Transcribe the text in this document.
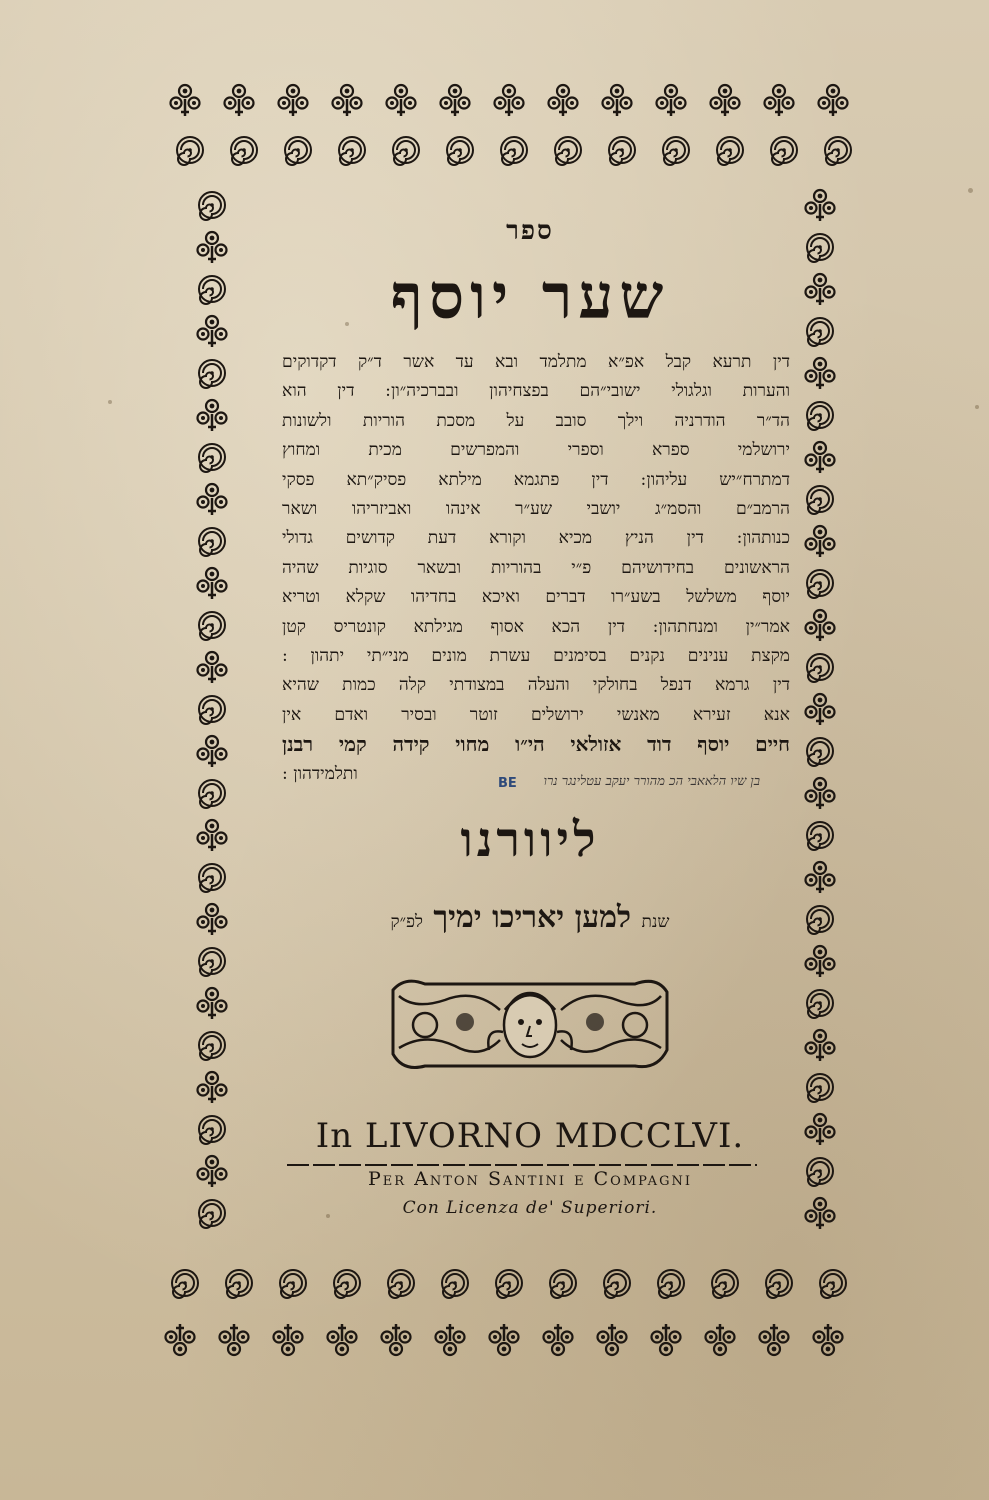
ספר
שער יוסף

דין תרעא קבל אפ״א מתלמד ובא עד אשר ד״ק דקדוקים

והערות וגלגולי ישובי״הם בפצחיהון ובברכיה״ון: דין הוא

הד״ר הודרניה וילך סובב על מסכת הוריות ולשונות

ירושלמי ספרא וספרי והמפרשים מכית ומחוץ

דמתרח״יש עליהון: דין פתגמא מילתא פסיק״תא פסקי

הרמב״ם והסמ״ג יושבי שע״ר אינהו ואביזריהו ושאר

כנותהון: דין הניץ מכיא וקורא דעת קדושים גדולי

הראשונים בחידושיהם פ״י בהוריות ובשאר סוגיות שהיה

יוסף משלשל בשע״רו דברים ואיכא בחדיהו שקלא וטריא

אמר״ין ומנחתהון: דין הכא אסוף מגילתא קונטריס קטן

מקצת ענינים נקנים בסימנים עשרת מונים מני״תי יתהון :

דין גרמא דנפל בחולקי והעלה במצודתי קלה כמות שהיא

אנא זעירא מאנשי ירושלים זוטר ובסיר ואדם אין

חיים יוסף דוד אזולאי הי״ו מחוי קידה קמי רבנן

ותלמידהון :	בן שיו הלאאבי הכ מהורר יעקב עטלינגר נרו
BE
ליוורנו
שנת למען יאריכו ימיך לפ״ק
In LIVORNO MDCCLVI.
Per Anton Santini e Compagni
Con Licenza de' Superiori.
